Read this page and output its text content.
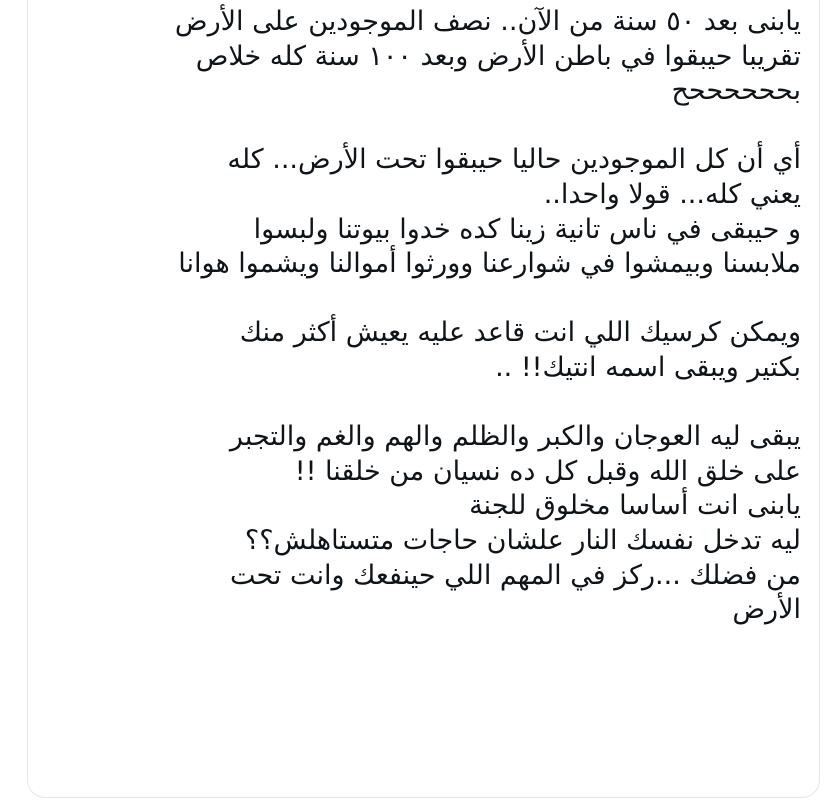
يابنى بعد ٥٠ سنة من الآن.. نصف الموجودين على الأرض
تقريبا حيبقوا في باطن الأرض وبعد ١٠٠ سنة كله خلاص
بححححححح

أي أن كل الموجودين حاليا حيبقوا تحت الأرض... كله
يعني كله... قولا واحدا..
و حيبقى في ناس تانية زينا كده خدوا بيوتنا ولبسوا
ملابسنا وبيمشوا في شوارعنا وورثوا أموالنا ويشموا هوانا

ويمكن كرسيك اللي انت قاعد عليه يعيش أكثر منك
بكتير ويبقى اسمه انتيك!! ..

يبقى ليه العوجان والكبر والظلم والهم والغم والتجبر
على خلق الله وقبل كل ده نسيان من خلقنا !!
يابنى انت أساسا مخلوق للجنة
ليه تدخل نفسك النار علشان حاجات متستاهلش؟؟
من فضلك ...ركز في المهم اللي حينفعك وانت تحت
الأرض
